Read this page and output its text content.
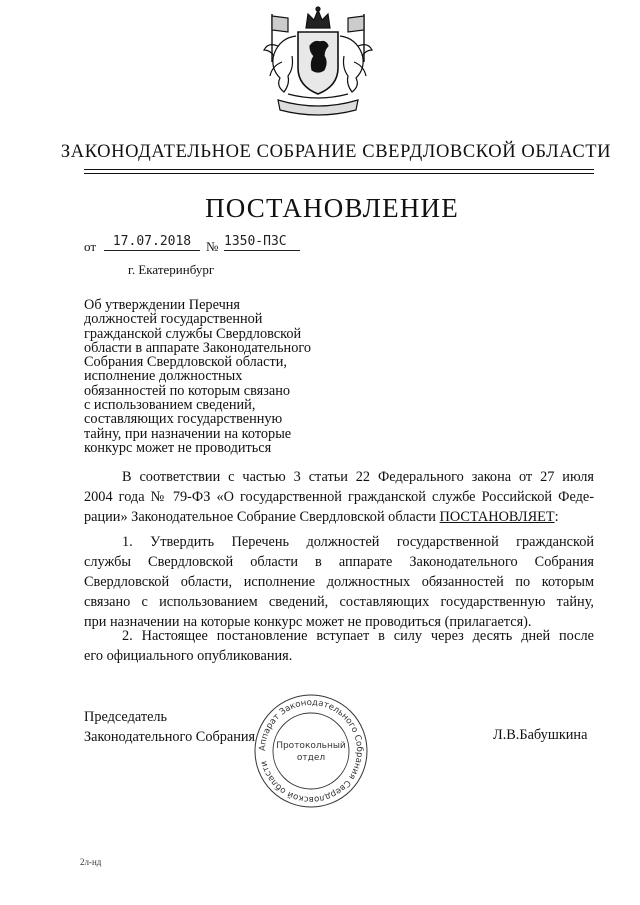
ЗАКОНОДАТЕЛЬНОЕ СОБРАНИЕ СВЕРДЛОВСКОЙ ОБЛАСТИ
ПОСТАНОВЛЕНИЕ
от	17.07.2018	№ 1350-ПЗС
г. Екатеринбург
Об утверждении Перечня
должностей государственной
гражданской службы Свердловской
области в аппарате Законодательного
Собрания Свердловской области,
исполнение должностных
обязанностей по которым связано
с использованием сведений,
составляющих государственную
тайну, при назначении на которые
конкурс может не проводиться
В соответствии с частью 3 статьи 22 Федерального закона от 27 июля
2004 года № 79-ФЗ «О государственной гражданской службе Российской Феде-
рации» Законодательное Собрание Свердловской области ПОСТАНОВЛЯЕТ:
1. Утвердить Перечень должностей государственной гражданской
службы Свердловской области в аппарате Законодательного Собрания
Свердловской области, исполнение должностных обязанностей по которым
связано с использованием сведений, составляющих государственную тайну,
при назначении на которые конкурс может не проводиться (прилагается).
2. Настоящее постановление вступает в силу через десять дней после
его официального опубликования.
Председатель
Законодательного Собрания
Аппарат Законодательного Собрания Свердловской области
Протокольный
отдел
Л.В.Бабушкина
2л-нд
